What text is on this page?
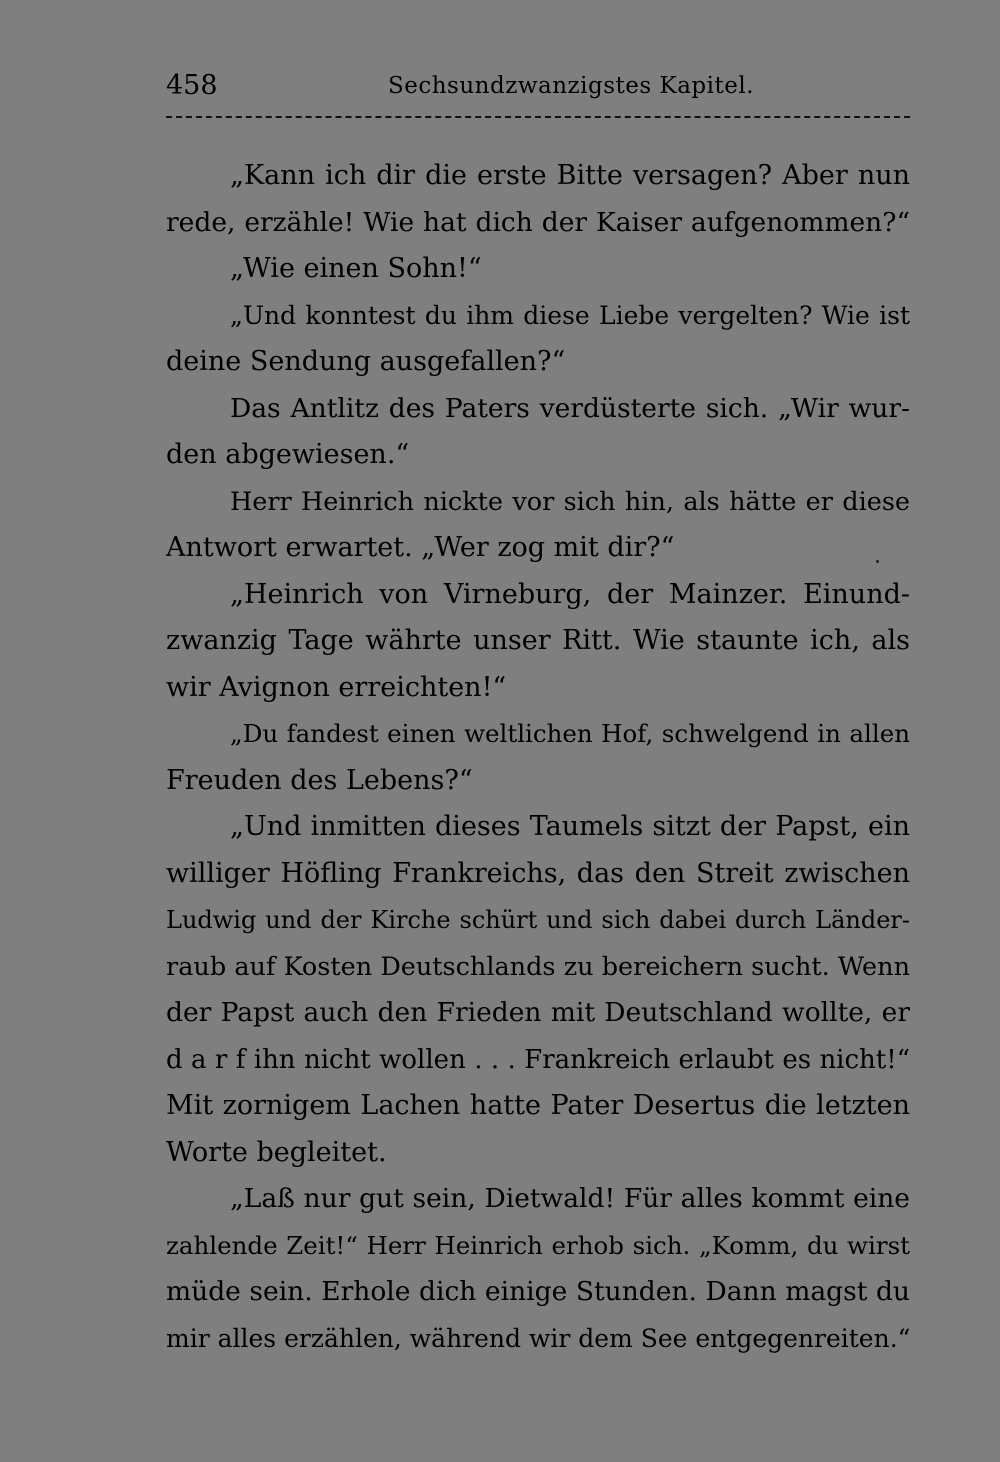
458	Sechsundzwanzigstes Kapitel.
„Kann ich dir die erste Bitte versagen? Aber nun
rede, erzähle! Wie hat dich der Kaiser aufgenommen?“
„Wie einen Sohn!“
„Und konntest du ihm diese Liebe vergelten? Wie ist
deine Sendung ausgefallen?“
Das Antlitz des Paters verdüsterte sich. „Wir wur-
den abgewiesen.“
Herr Heinrich nickte vor sich hin, als hätte er diese
Antwort erwartet. „Wer zog mit dir?“
„Heinrich von Virneburg, der Mainzer. Einund-
zwanzig Tage währte unser Ritt. Wie staunte ich, als
wir Avignon erreichten!“
„Du fandest einen weltlichen Hof, schwelgend in allen
Freuden des Lebens?“
„Und inmitten dieses Taumels sitzt der Papst, ein
williger Höfling Frankreichs, das den Streit zwischen
Ludwig und der Kirche schürt und sich dabei durch Länder-
raub auf Kosten Deutschlands zu bereichern sucht. Wenn
der Papst auch den Frieden mit Deutschland wollte, er
d a r f ihn nicht wollen . . . Frankreich erlaubt es nicht!“
Mit zornigem Lachen hatte Pater Desertus die letzten
Worte begleitet.
„Laß nur gut sein, Dietwald! Für alles kommt eine
zahlende Zeit!“ Herr Heinrich erhob sich. „Komm, du wirst
müde sein. Erhole dich einige Stunden. Dann magst du
mir alles erzählen, während wir dem See entgegenreiten.“
